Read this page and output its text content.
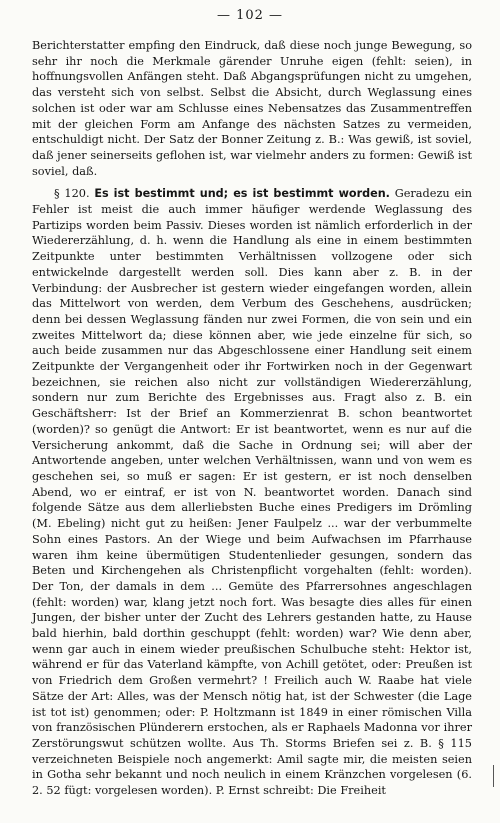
— 102 —

Berichterstatter empfing den Eindruck, daß diese noch junge Bewegung, so sehr ihr noch die Merkmale gärender Unruhe eigen (fehlt: seien), in hoffnungsvollen Anfängen steht. Daß Abgangsprüfungen nicht zu umgehen, das versteht sich von selbst. Selbst die Absicht, durch Weglassung eines solchen ist oder war am Schlusse eines Nebensatzes das Zusammentreffen mit der gleichen Form am Anfange des nächsten Satzes zu vermeiden, entschuldigt nicht. Der Satz der Bonner Zeitung z. B.: Was gewiß, ist soviel, daß jener seinerseits geflohen ist, war vielmehr anders zu formen: Gewiß ist soviel, daß.

§ 120. Es ist bestimmt und; es ist bestimmt worden. Geradezu ein Fehler ist meist die auch immer häufiger werdende Weglassung des Partizips worden beim Passiv. Dieses worden ist nämlich erforderlich in der Wiedererzählung, d. h. wenn die Handlung als eine in einem bestimmten Zeitpunkte unter bestimmten Verhältnissen vollzogene oder sich entwickelnde dargestellt werden soll. Dies kann aber z. B. in der Verbindung: der Ausbrecher ist gestern wieder eingefangen worden, allein das Mittelwort von werden, dem Verbum des Geschehens, ausdrücken; denn bei dessen Weglassung fänden nur zwei Formen, die von sein und ein zweites Mittelwort da; diese können aber, wie jede einzelne für sich, so auch beide zusammen nur das Abgeschlossene einer Handlung seit einem Zeitpunkte der Vergangenheit oder ihr Fortwirken noch in der Gegenwart bezeichnen, sie reichen also nicht zur vollständigen Wiedererzählung, sondern nur zum Berichte des Ergebnisses aus. Fragt also z. B. ein Geschäftsherr: Ist der Brief an Kommerzienrat B. schon beantwortet (worden)? so genügt die Antwort: Er ist beantwortet, wenn es nur auf die Versicherung ankommt, daß die Sache in Ordnung sei; will aber der Antwortende angeben, unter welchen Verhältnissen, wann und von wem es geschehen sei, so muß er sagen: Er ist gestern, er ist noch denselben Abend, wo er eintraf, er ist von N. beantwortet worden. Danach sind folgende Sätze aus dem allerliebsten Buche eines Predigers im Drömling (M. Ebeling) nicht gut zu heißen: Jener Faulpelz ... war der verbummelte Sohn eines Pastors. An der Wiege und beim Aufwachsen im Pfarrhause waren ihm keine übermütigen Studentenlieder gesungen, sondern das Beten und Kirchengehen als Christenpflicht vorgehalten (fehlt: worden). Der Ton, der damals in dem ... Gemüte des Pfarrersohnes angeschlagen (fehlt: worden) war, klang jetzt noch fort. Was besagte dies alles für einen Jungen, der bisher unter der Zucht des Lehrers gestanden hatte, zu Hause bald hierhin, bald dorthin geschuppt (fehlt: worden) war? Wie denn aber, wenn gar auch in einem wieder preußischen Schulbuche steht: Hektor ist, während er für das Vaterland kämpfte, von Achill getötet, oder: Preußen ist von Friedrich dem Großen vermehrt? ! Freilich auch W. Raabe hat viele Sätze der Art: Alles, was der Mensch nötig hat, ist der Schwester (die Lage ist tot ist) genommen; oder: P. Holtzmann ist 1849 in einer römischen Villa von französischen Plünderern erstochen, als er Raphaels Madonna vor ihrer Zerstörungswut schützen wollte. Aus Th. Storms Briefen sei z. B. § 115 verzeichneten Beispiele noch angemerkt: Amil sagte mir, die meisten seien in Gotha sehr bekannt und noch neulich in einem Kränzchen vorgelesen (6. 2. 52 fügt: vorgelesen worden). P. Ernst schreibt: Die Freiheit
